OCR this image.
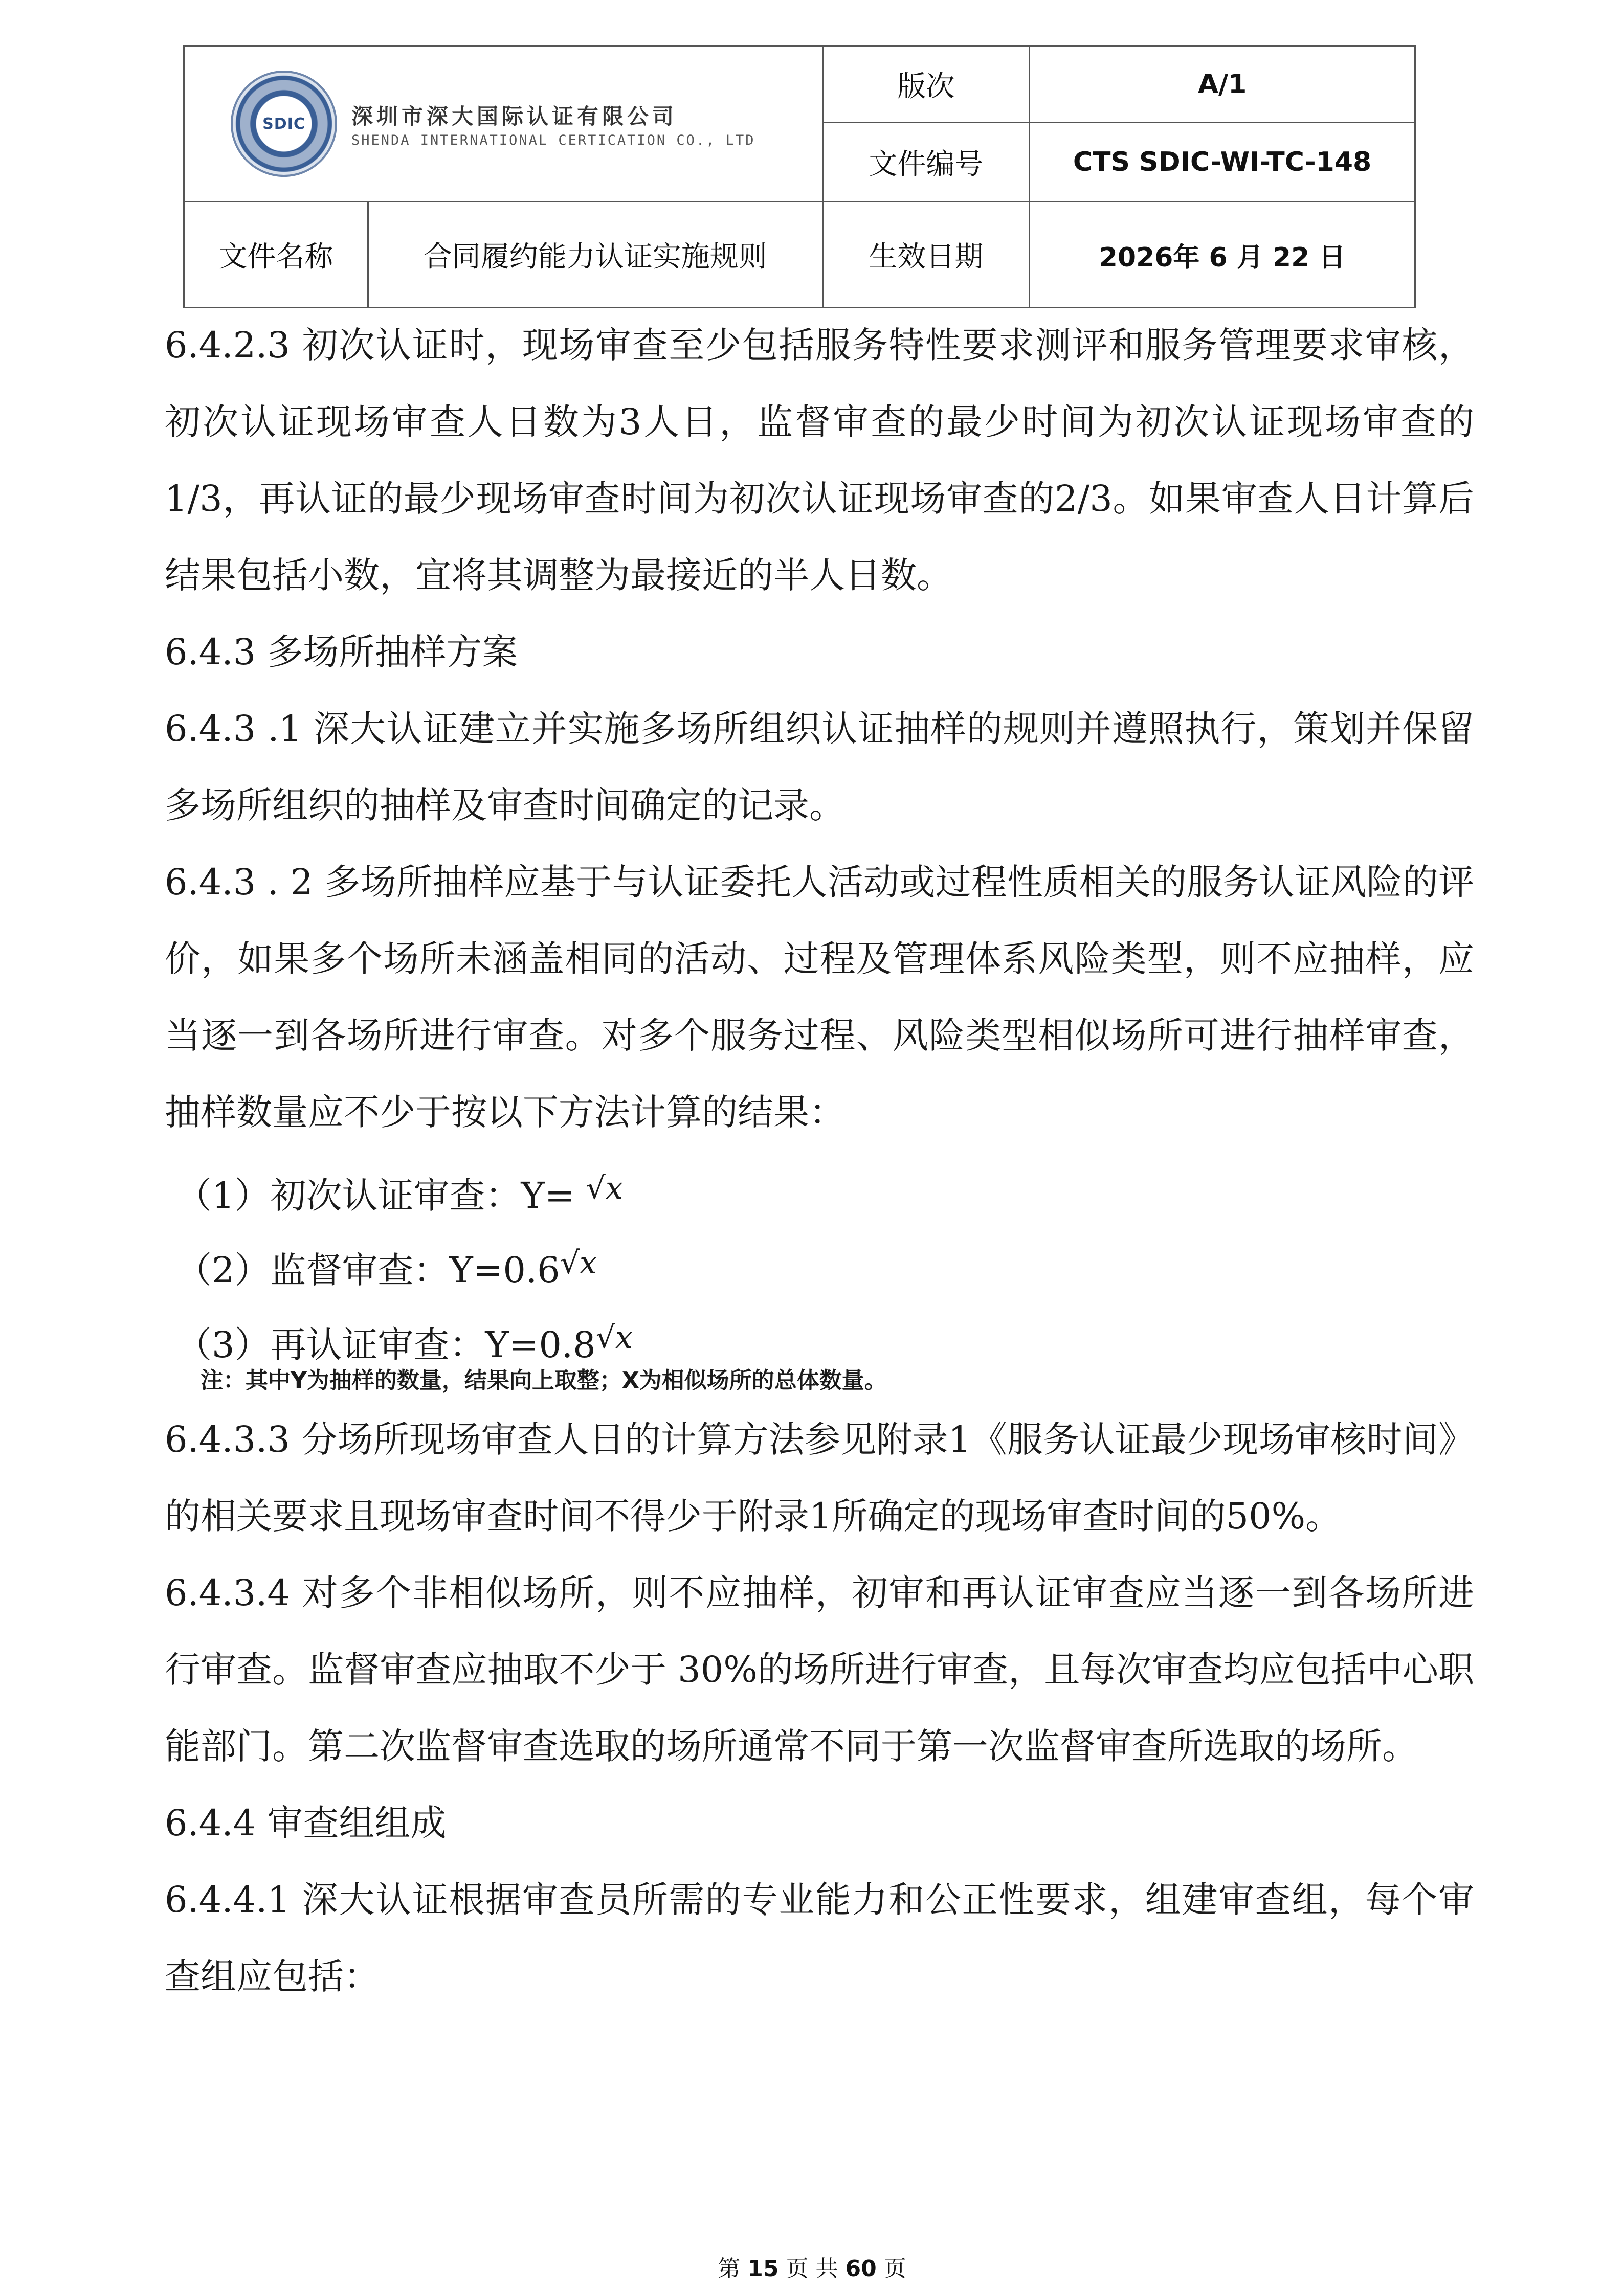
SDIC 深圳市深大国际认证有限公司
SHENDA INTERNATIONAL CERTICATION CO., LTD		版次	A/1
		文件编号	CTS SDIC-WI-TC-148
文件名称	合同履约能力认证实施规则	生效日期	2026年 6 月 22 日

6.4.2.3 初次认证时，现场审查至少包括服务特性要求测评和服务管理要求审核，初次认证现场审查人日数为3人日，监督审查的最少时间为初次认证现场审查的1/3，再认证的最少现场审查时间为初次认证现场审查的2/3。如果审查人日计算后结果包括小数，宜将其调整为最接近的半人日数。

6.4.3 多场所抽样方案

6.4.3 .1 深大认证建立并实施多场所组织认证抽样的规则并遵照执行，策划并保留多场所组织的抽样及审查时间确定的记录。

6.4.3 . 2 多场所抽样应基于与认证委托人活动或过程性质相关的服务认证风险的评价，如果多个场所未涵盖相同的活动、过程及管理体系风险类型，则不应抽样，应当逐一到各场所进行审查。对多个服务过程、风险类型相似场所可进行抽样审查，抽样数量应不少于按以下方法计算的结果：

（1）初次认证审查：Y= √x
（2）监督审查：Y=0.6√x
（3）再认证审查：Y=0.8√x
注：其中Y为抽样的数量，结果向上取整；X为相似场所的总体数量。

6.4.3.3 分场所现场审查人日的计算方法参见附录1《服务认证最少现场审核时间》的相关要求且现场审查时间不得少于附录1所确定的现场审查时间的50%。

6.4.3.4 对多个非相似场所，则不应抽样，初审和再认证审查应当逐一到各场所进行审查。监督审查应抽取不少于 30%的场所进行审查，且每次审查均应包括中心职能部门。第二次监督审查选取的场所通常不同于第一次监督审查所选取的场所。

6.4.4 审查组组成

6.4.4.1 深大认证根据审查员所需的专业能力和公正性要求，组建审查组，每个审查组应包括：

第 15 页 共 60 页
